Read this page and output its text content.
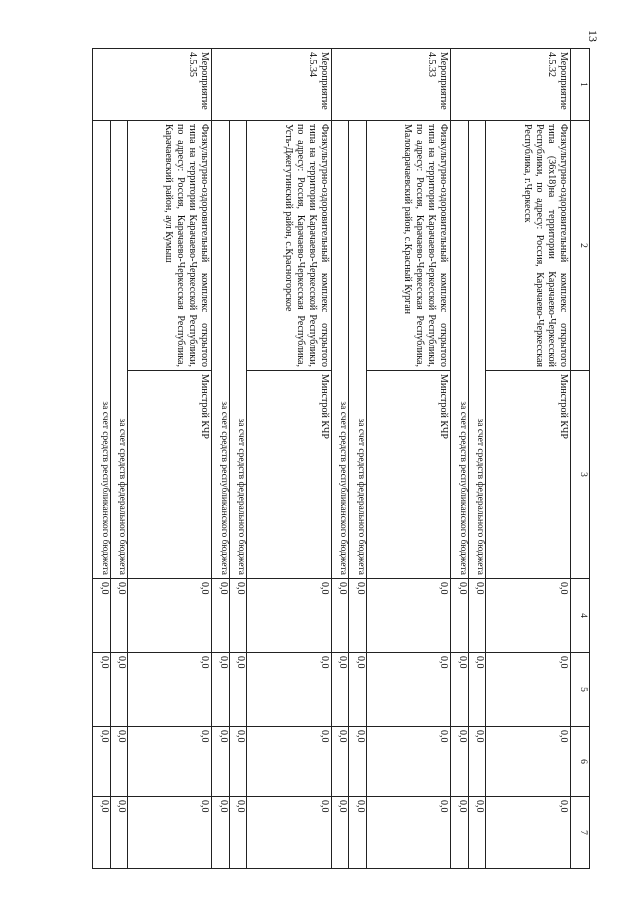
13
1	2	3	4	5	6	7
Мероприятие 4.5.32	Физкультурно-оздоровительный комплекс открытого типа (36х18)на территории Карачаево-Черкесской Республики, по адресу: Россия, Карачаево-Черкесская Республика, г.Черкесск	Минстрой КЧР	0,0	0,0	0,0	0,0
	за счет средств федерального бюджета		0,0	0,0	0,0	0,0
	за счет средств республиканского бюджета		0,0	0,0	0,0	0,0
Мероприятие 4.5.33	Физкультурно-оздоровительный комплекс открытого типа на территории Карачаево-Черкесской Республики, по адресу: Россия, Карачаево-Черкесская Республика, Малокарачаевский район, с.Красный Курган	Минстрой КЧР	0,0	0,0	0,0	0,0
	за счет средств федерального бюджета		0,0	0,0	0,0	0,0
	за счет средств республиканского бюджета		0,0	0,0	0,0	0,0
Мероприятие 4.5.34	Физкультурно-оздоровительный комплекс открытого типа на территории Карачаево-Черкесской Республики, по адресу: Россия, Карачаево-Черкесская Республика, Усть-Джегутинский район, с.Красногорское	Минстрой КЧР	0,0	0,0	0,0	0,0
	за счет средств федерального бюджета		0,0	0,0	0,0	0,0
	за счет средств республиканского бюджета		0,0	0,0	0,0	0,0
Мероприятие 4.5.35	Физкультурно-оздоровительный комплекс открытого типа на территории Карачаево-Черкесской Республики, по адресу: Россия, Карачаево-Черкесская Республика, Карачаевский район, аул Кумыш	Минстрой КЧР	0,0	0,0	0,0	0,0
	за счет средств федерального бюджета		0,0	0,0	0,0	0,0
	за счет средств республиканского бюджета		0,0	0,0	0,0	0,0
